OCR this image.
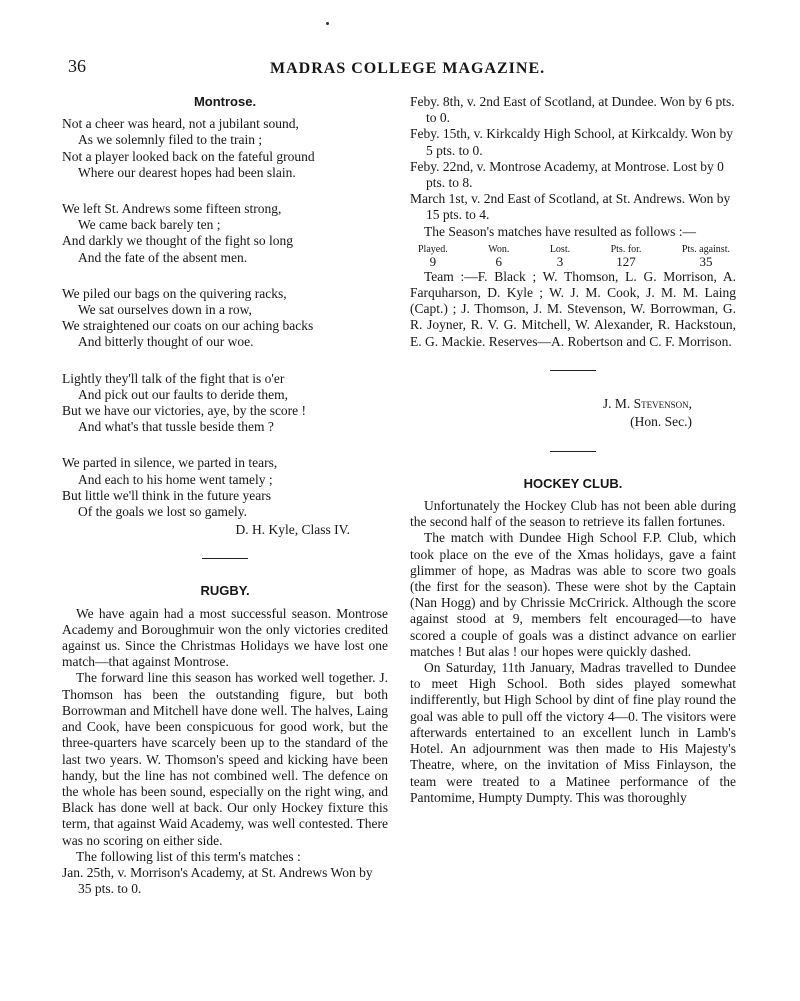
36	MADRAS COLLEGE MAGAZINE.
Montrose.
Not a cheer was heard, not a jubilant sound,
As we solemnly filed to the train ;
Not a player looked back on the fateful ground
Where our dearest hopes had been slain.
We left St. Andrews some fifteen strong,
We came back barely ten ;
And darkly we thought of the fight so long
And the fate of the absent men.
We piled our bags on the quivering racks,
We sat ourselves down in a row,
We straightened our coats on our aching backs
And bitterly thought of our woe.
Lightly they'll talk of the fight that is o'er
And pick out our faults to deride them,
But we have our victories, aye, by the score !
And what's that tussle beside them ?
We parted in silence, we parted in tears,
And each to his home went tamely ;
But little we'll think in the future years
Of the goals we lost so gamely.
D. H. Kyle, Class IV.
RUGBY.

We have again had a most successful season. Montrose Academy and Boroughmuir won the only victories credited against us. Since the Christmas Holidays we have lost one match—that against Montrose.

The forward line this season has worked well together. J. Thomson has been the outstanding figure, but both Borrowman and Mitchell have done well. The halves, Laing and Cook, have been conspicuous for good work, but the three-quarters have scarcely been up to the standard of the last two years. W. Thomson's speed and kicking have been handy, but the line has not combined well. The defence on the whole has been sound, especially on the right wing, and Black has done well at back. Our only Hockey fixture this term, that against Waid Academy, was well contested. There was no scoring on either side.

The following list of this term's matches :

Jan. 25th, v. Morrison's Academy, at St. Andrews Won by 35 pts. to 0.

Feby. 8th, v. 2nd East of Scotland, at Dundee. Won by 6 pts. to 0.

Feby. 15th, v. Kirkcaldy High School, at Kirkcaldy. Won by 5 pts. to 0.

Feby. 22nd, v. Montrose Academy, at Montrose. Lost by 0 pts. to 8.

March 1st, v. 2nd East of Scotland, at St. Andrews. Won by 15 pts. to 4.

The Season's matches have resulted as follows :—

Played.
9
Won.
6
Lost.
3
Pts. for.
127
Pts. against.
35

Team :—F. Black ; W. Thomson, L. G. Morrison, A. Farquharson, D. Kyle ; W. J. M. Cook, J. M. M. Laing (Capt.) ; J. Thomson, J. M. Stevenson, W. Borrowman, G. R. Joyner, R. V. G. Mitchell, W. Alexander, R. Hackstoun, E. G. Mackie. Reserves—A. Robertson and C. F. Morrison.

J. M. Stevenson,
(Hon. Sec.)
HOCKEY CLUB.

Unfortunately the Hockey Club has not been able during the second half of the season to retrieve its fallen fortunes.

The match with Dundee High School F.P. Club, which took place on the eve of the Xmas holidays, gave a faint glimmer of hope, as Madras was able to score two goals (the first for the season). These were shot by the Captain (Nan Hogg) and by Chrissie McCririck. Although the score against stood at 9, members felt encouraged—to have scored a couple of goals was a distinct advance on earlier matches ! But alas ! our hopes were quickly dashed.

On Saturday, 11th January, Madras travelled to Dundee to meet High School. Both sides played somewhat indifferently, but High School by dint of fine play round the goal was able to pull off the victory 4—0. The visitors were afterwards entertained to an excellent lunch in Lamb's Hotel. An adjournment was then made to His Majesty's Theatre, where, on the invitation of Miss Finlayson, the team were treated to a Matinee performance of the Pantomime, Humpty Dumpty. This was thoroughly
